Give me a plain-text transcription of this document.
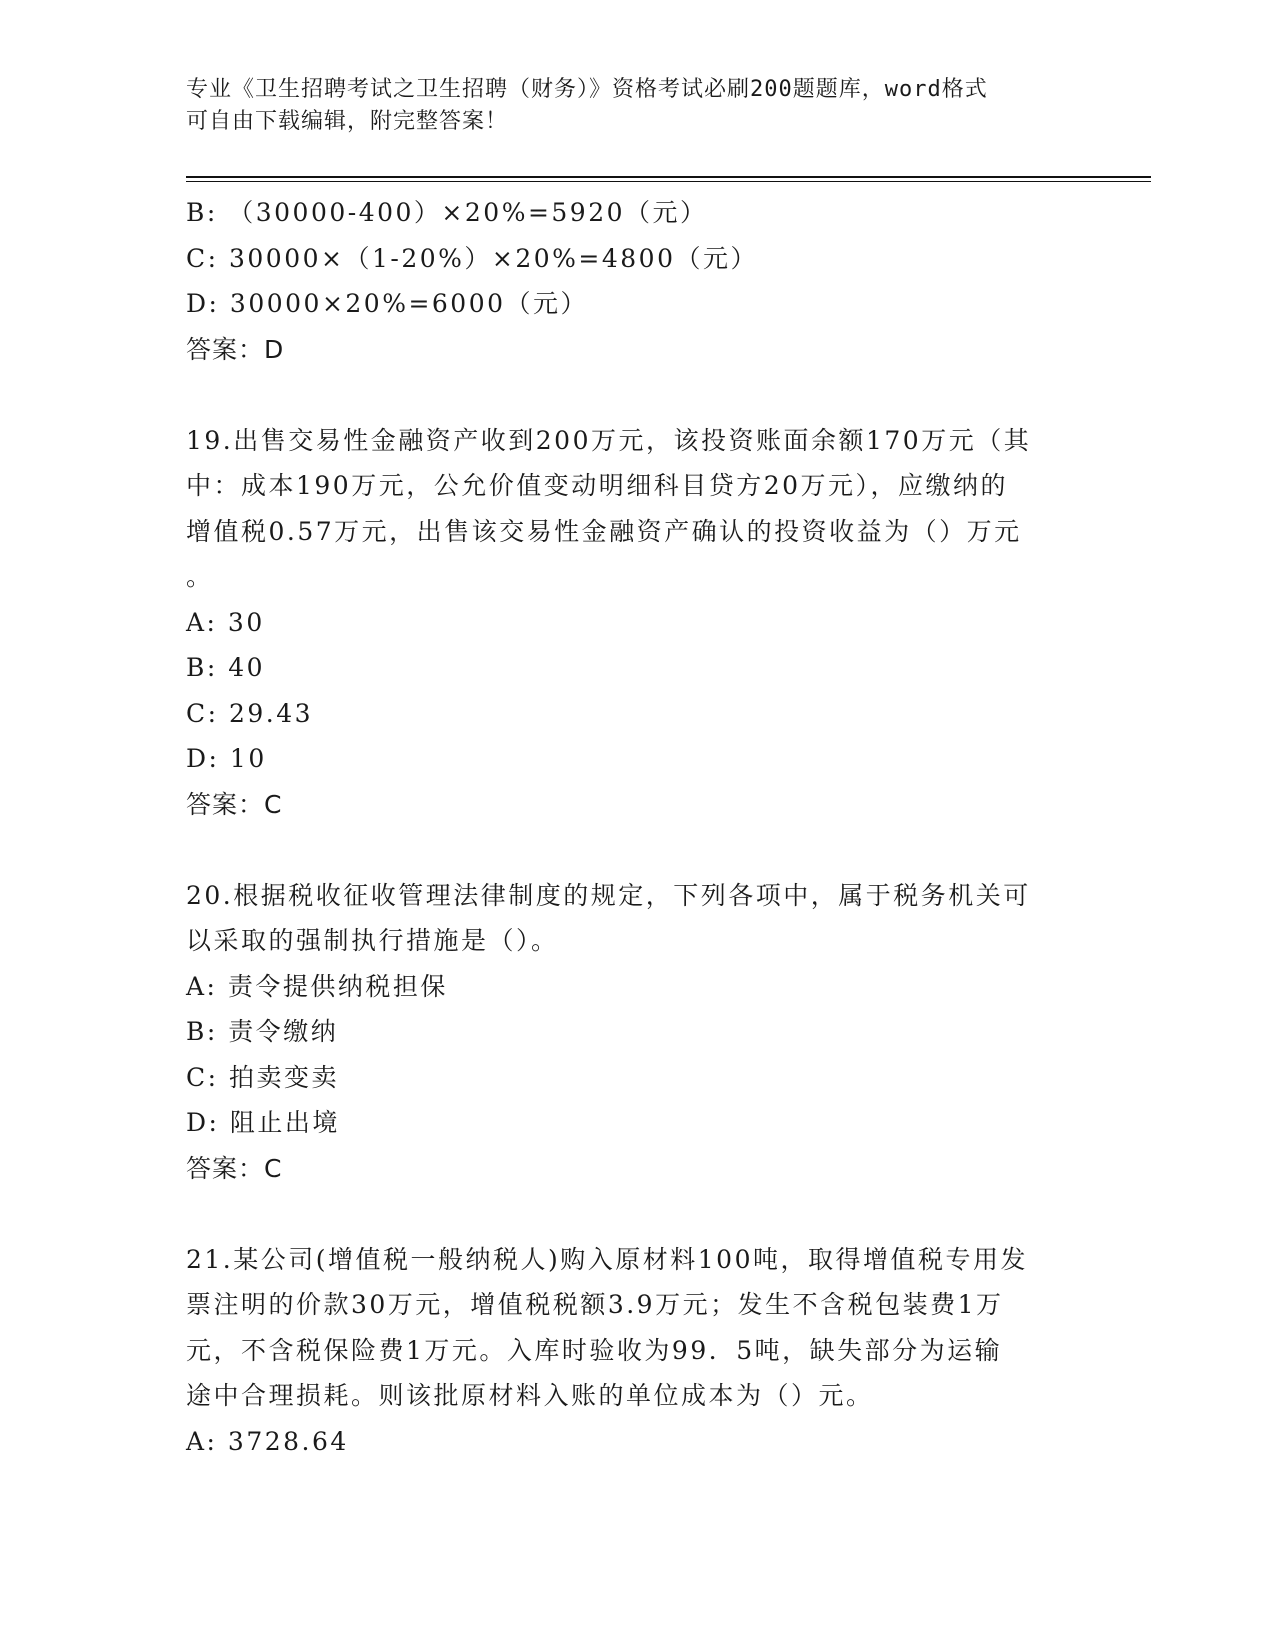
专业《卫生招聘考试之卫生招聘（财务）》资格考试必刷200题题库，word格式
可自由下载编辑，附完整答案！
B: （30000-400）×20%=5920（元）
C: 30000×（1-20%）×20%=4800（元）
D: 30000×20%=6000（元）
答案：D
19.出售交易性金融资产收到200万元，该投资账面余额170万元（其
中：成本190万元，公允价值变动明细科目贷方20万元），应缴纳的
增值税0.57万元，出售该交易性金融资产确认的投资收益为（）万元
。
A: 30
B: 40
C: 29.43
D: 10
答案：C
20.根据税收征收管理法律制度的规定，下列各项中，属于税务机关可
以采取的强制执行措施是（）。
A: 责令提供纳税担保
B: 责令缴纳
C: 拍卖变卖
D: 阻止出境
答案：C
21.某公司(增值税一般纳税人)购入原材料100吨，取得增值税专用发
票注明的价款30万元，增值税税额3.9万元；发生不含税包装费1万
元，不含税保险费1万元。入库时验收为99．5吨，缺失部分为运输
途中合理损耗。则该批原材料入账的单位成本为（）元。
A: 3728.64
